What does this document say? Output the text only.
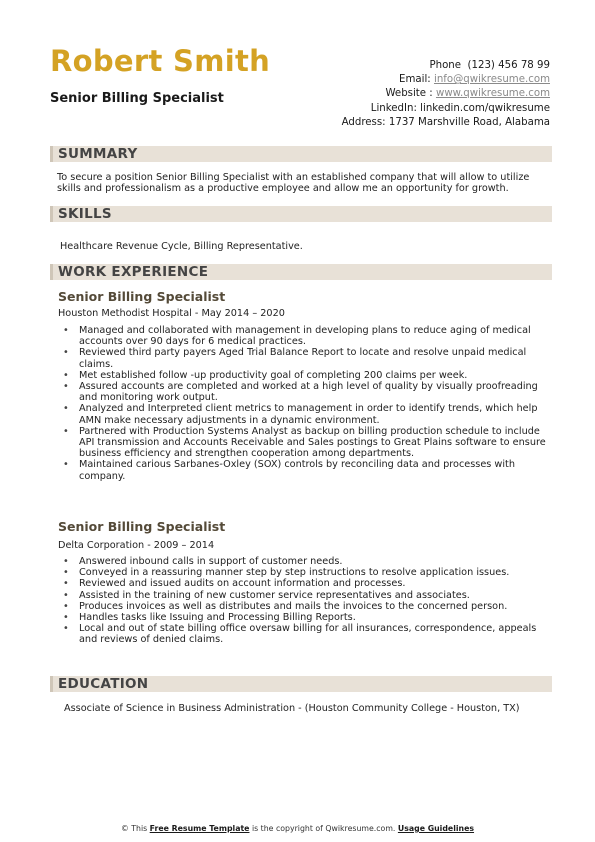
Robert Smith
Senior Billing Specialist
Phone (123) 456 78 99
Email: info@qwikresume.com
Website : www.qwikresume.com
LinkedIn: linkedin.com/qwikresume
Address: 1737 Marshville Road, Alabama
SUMMARY
To secure a position Senior Billing Specialist with an established company that will allow to utilize skills and professionalism as a productive employee and allow me an opportunity for growth.
SKILLS
Healthcare Revenue Cycle, Billing Representative.
WORK EXPERIENCE
Senior Billing Specialist
Houston Methodist Hospital - May 2014 – 2020
• Managed and collaborated with management in developing plans to reduce aging of medical accounts over 90 days for 6 medical practices.
• Reviewed third party payers Aged Trial Balance Report to locate and resolve unpaid medical claims.
• Met established follow -up productivity goal of completing 200 claims per week.
• Assured accounts are completed and worked at a high level of quality by visually proofreading and monitoring work output.
• Analyzed and Interpreted client metrics to management in order to identify trends, which help AMN make necessary adjustments in a dynamic environment.
• Partnered with Production Systems Analyst as backup on billing production schedule to include API transmission and Accounts Receivable and Sales postings to Great Plains software to ensure business efficiency and strengthen cooperation among departments.
• Maintained carious Sarbanes-Oxley (SOX) controls by reconciling data and processes with company.
Senior Billing Specialist
Delta Corporation - 2009 – 2014
• Answered inbound calls in support of customer needs.
• Conveyed in a reassuring manner step by step instructions to resolve application issues.
• Reviewed and issued audits on account information and processes.
• Assisted in the training of new customer service representatives and associates.
• Produces invoices as well as distributes and mails the invoices to the concerned person.
• Handles tasks like Issuing and Processing Billing Reports.
• Local and out of state billing office oversaw billing for all insurances, correspondence, appeals and reviews of denied claims.
EDUCATION
Associate of Science in Business Administration - (Houston Community College - Houston, TX)
© This Free Resume Template is the copyright of Qwikresume.com. Usage Guidelines
